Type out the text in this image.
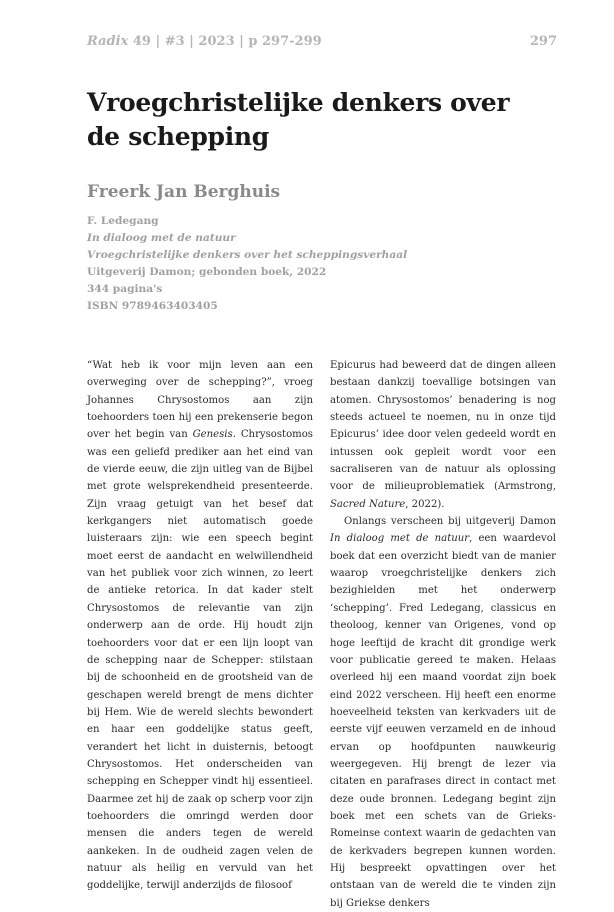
Radix 49 | #3 | 2023 | p 297-299	297
Vroegchristelijke denkers over de schepping
Freerk Jan Berghuis
F. Ledegang
In dialoog met de natuur
Vroegchristelijke denkers over het scheppingsverhaal
Uitgeverij Damon; gebonden boek, 2022
344 pagina's
ISBN 9789463403405

“Wat heb ik voor mijn leven aan een overweging over de schepping?”, vroeg Johannes Chrysostomos aan zijn toehoorders toen hij een prekenserie begon over het begin van Genesis. Chrysostomos was een geliefd prediker aan het eind van de vierde eeuw, die zijn uitleg van de Bijbel met grote welsprekendheid presenteerde. Zijn vraag getuigt van het besef dat kerkgangers niet automatisch goede luisteraars zijn: wie een speech begint moet eerst de aandacht en welwillendheid van het publiek voor zich winnen, zo leert de antieke retorica. In dat kader stelt Chrysostomos de relevantie van zijn onderwerp aan de orde. Hij houdt zijn toehoorders voor dat er een lijn loopt van de schepping naar de Schepper: stilstaan bij de schoonheid en de grootsheid van de geschapen wereld brengt de mens dichter bij Hem. Wie de wereld slechts bewondert en haar een goddelijke status geeft, verandert het licht in duisternis, betoogt Chrysostomos. Het onderscheiden van schepping en Schepper vindt hij essentieel. Daarmee zet hij de zaak op scherp voor zijn toehoorders die omringd werden door mensen die anders tegen de wereld aankeken. In de oudheid zagen velen de natuur als heilig en vervuld van het goddelijke, terwijl anderzijds de filosoof

Epicurus had beweerd dat de dingen alleen bestaan dankzij toevallige botsingen van atomen. Chrysostomos’ benadering is nog steeds actueel te noemen, nu in onze tijd Epicurus’ idee door velen gedeeld wordt en intussen ook gepleit wordt voor een sacraliseren van de natuur als oplossing voor de milieuproblematiek (Armstrong, Sacred Nature, 2022).

Onlangs verscheen bij uitgeverij Damon In dialoog met de natuur, een waardevol boek dat een overzicht biedt van de manier waarop vroegchristelijke denkers zich bezighielden met het onderwerp ‘schepping’. Fred Ledegang, classicus en theoloog, kenner van Origenes, vond op hoge leeftijd de kracht dit grondige werk voor publicatie gereed te maken. Helaas overleed hij een maand voordat zijn boek eind 2022 verscheen. Hij heeft een enorme hoeveelheid teksten van kerkvaders uit de eerste vijf eeuwen verzameld en de inhoud ervan op hoofdpunten nauwkeurig weergegeven. Hij brengt de lezer via citaten en parafrases direct in contact met deze oude bronnen. Ledegang begint zijn boek met een schets van de Grieks-Romeinse context waarin de gedachten van de kerkvaders begrepen kunnen worden. Hij bespreekt opvattingen over het ontstaan van de wereld die te vinden zijn bij Griekse denkers
